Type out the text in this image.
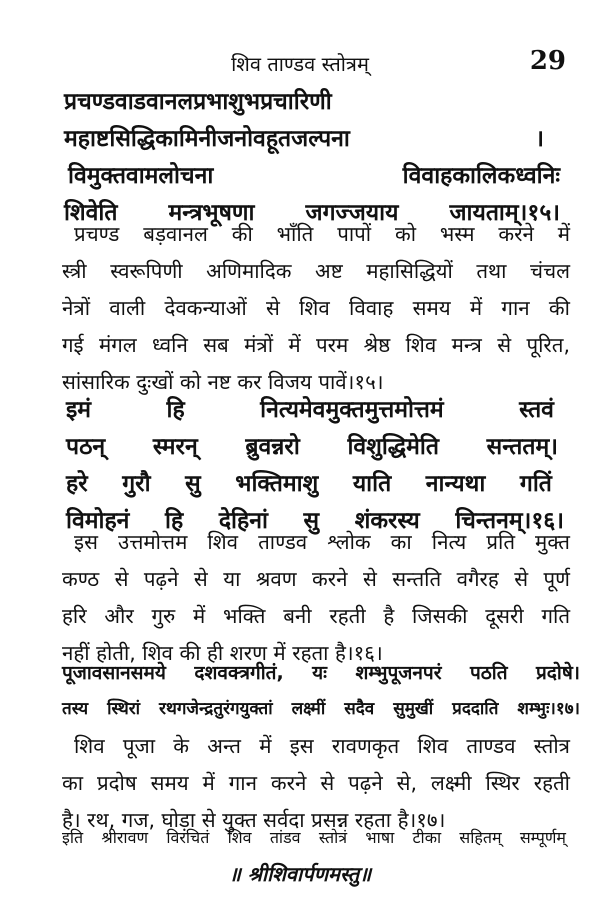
शिव ताण्डव स्तोत्रम्	29
प्रचण्डवाडवानलप्रभाशुभप्रचारिणी
महाष्टसिद्धिकामिनीजनोवहूतजल्पना	।
विमुक्तवामलोचना	विवाहकालिकध्वनिः
शिवेति मन्त्रभूषणा जगज्जयाय जायताम्।१५।
प्रचण्ड बड़वानल की भाँति पापों को भस्म करने में
स्त्री स्वरूपिणी अणिमादिक अष्ट महासिद्धियों तथा चंचल
नेत्रों वाली देवकन्याओं से शिव विवाह समय में गान की
गई मंगल ध्वनि सब मंत्रों में परम श्रेष्ठ शिव मन्त्र से पूरित,
सांसारिक दुःखों को नष्ट कर विजय पावें।१५।
इमं	हि	नित्यमेवमुक्तमुत्तमोत्तमं	स्तवं
पठन् स्मरन् ब्रुवन्नरो विशुद्धिमेति सन्ततम्।
हरे गुरौ सु भक्तिमाशु याति नान्यथा गतिं
विमोहनं हि देहिनां सु शंकरस्य चिन्तनम्।१६।
इस उत्तमोत्तम शिव ताण्डव श्लोक का नित्य प्रति मुक्त
कण्ठ से पढ़ने से या श्रवण करने से सन्तति वगैरह से पूर्ण
हरि और गुरु में भक्ति बनी रहती है जिसकी दूसरी गति
नहीं होती, शिव की ही शरण में रहता है।१६।
पूजावसानसमये दशवक्त्रगीतं, यः शम्भुपूजनपरं पठति प्रदोषे।
तस्य स्थिरां रथगजेन्द्रतुरंगयुक्तां लक्ष्मीं सदैव सुमुखीं प्रददाति शम्भुः।१७।
शिव पूजा के अन्त में इस रावणकृत शिव ताण्डव स्तोत्र
का प्रदोष समय में गान करने से पढ़ने से, लक्ष्मी स्थिर रहती
है। रथ, गज, घोड़ा से युक्त सर्वदा प्रसन्न रहता है।१७।
इति श्रीरावण विरचितं शिव तांडव स्तोत्रं भाषा टीका सहितम् सम्पूर्णम्
॥ श्रीशिवार्पणमस्तु॥
